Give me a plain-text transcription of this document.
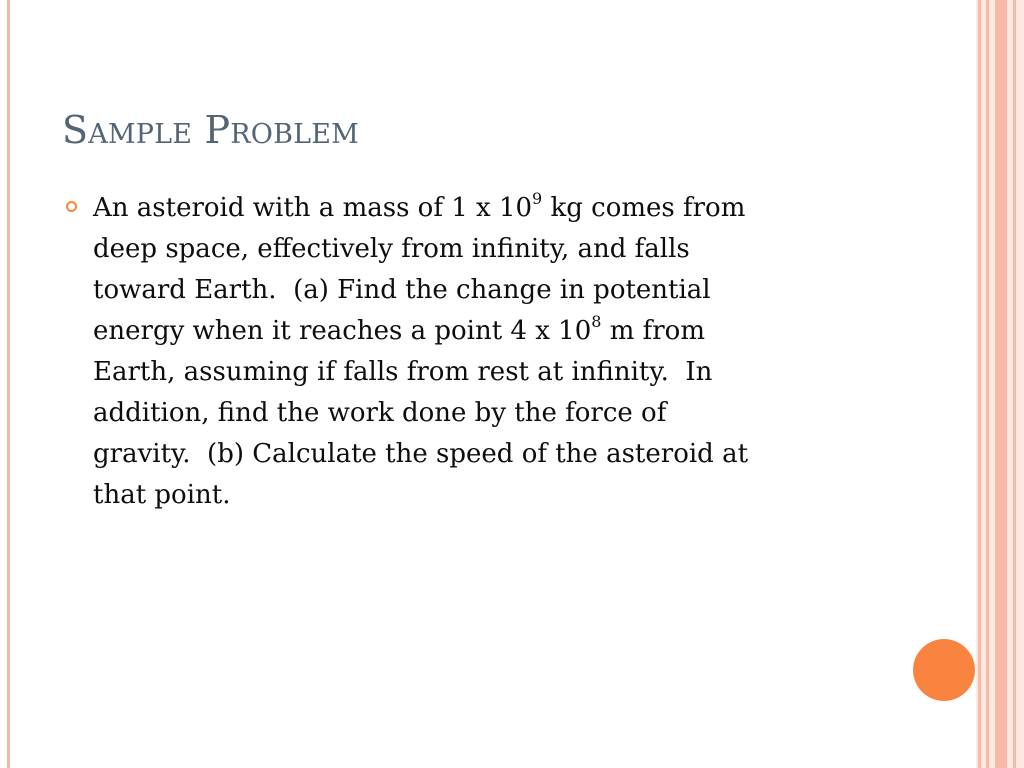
Sample Problem

An asteroid with a mass of 1 x $10^9$ kg comes from
deep space, effectively from infinity, and falls
toward Earth.  (a) Find the change in potential
energy when it reaches a point 4 x $10^8$ m from
Earth, assuming if falls from rest at infinity.  In
addition, find the work done by the force of
gravity.  (b) Calculate the speed of the asteroid at
that point.
